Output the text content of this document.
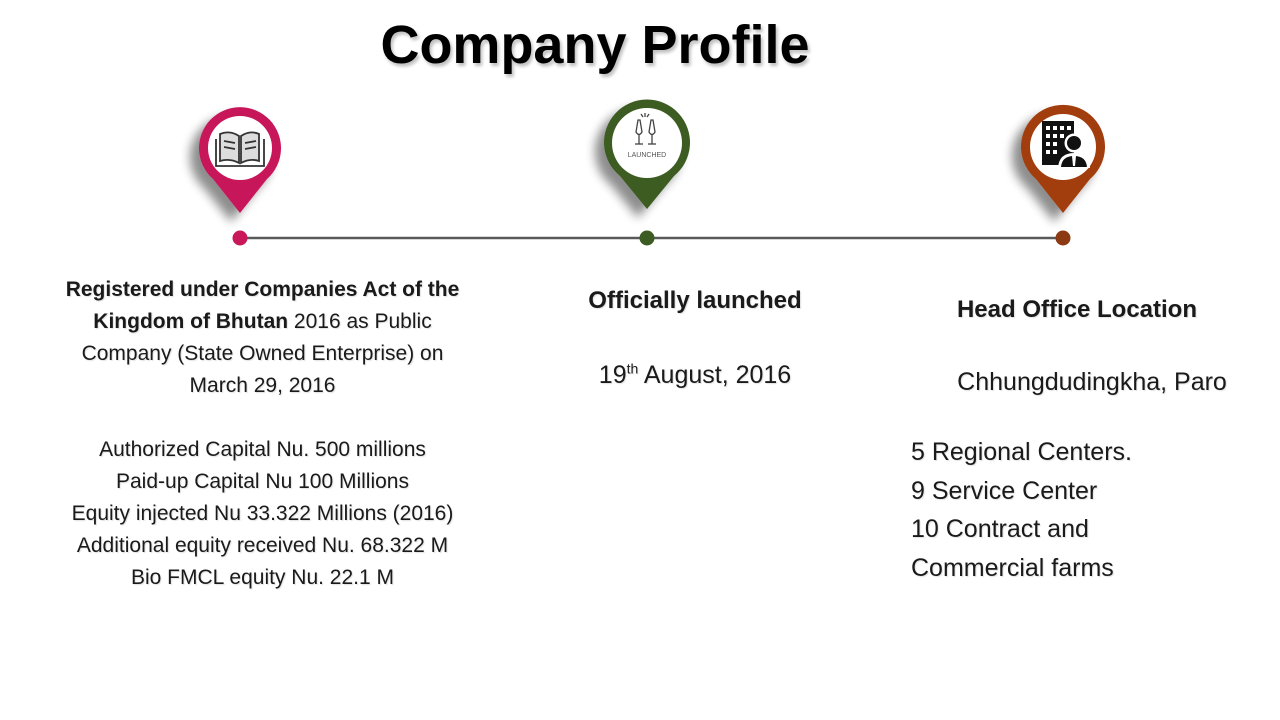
Company Profile
LAUNCHED
Registered under Companies Act of the
Kingdom of Bhutan 2016 as Public
Company (State Owned Enterprise) on
March 29, 2016
Authorized Capital Nu. 500 millions
Paid-up Capital Nu 100 Millions
Equity injected Nu 33.322 Millions (2016)
Additional equity received Nu. 68.322 M
Bio FMCL equity Nu. 22.1 M
Officially launched
19th August, 2016
Head Office Location
Chhungdudingkha, Paro
5 Regional Centers.
9 Service Center
10 Contract and
Commercial farms
